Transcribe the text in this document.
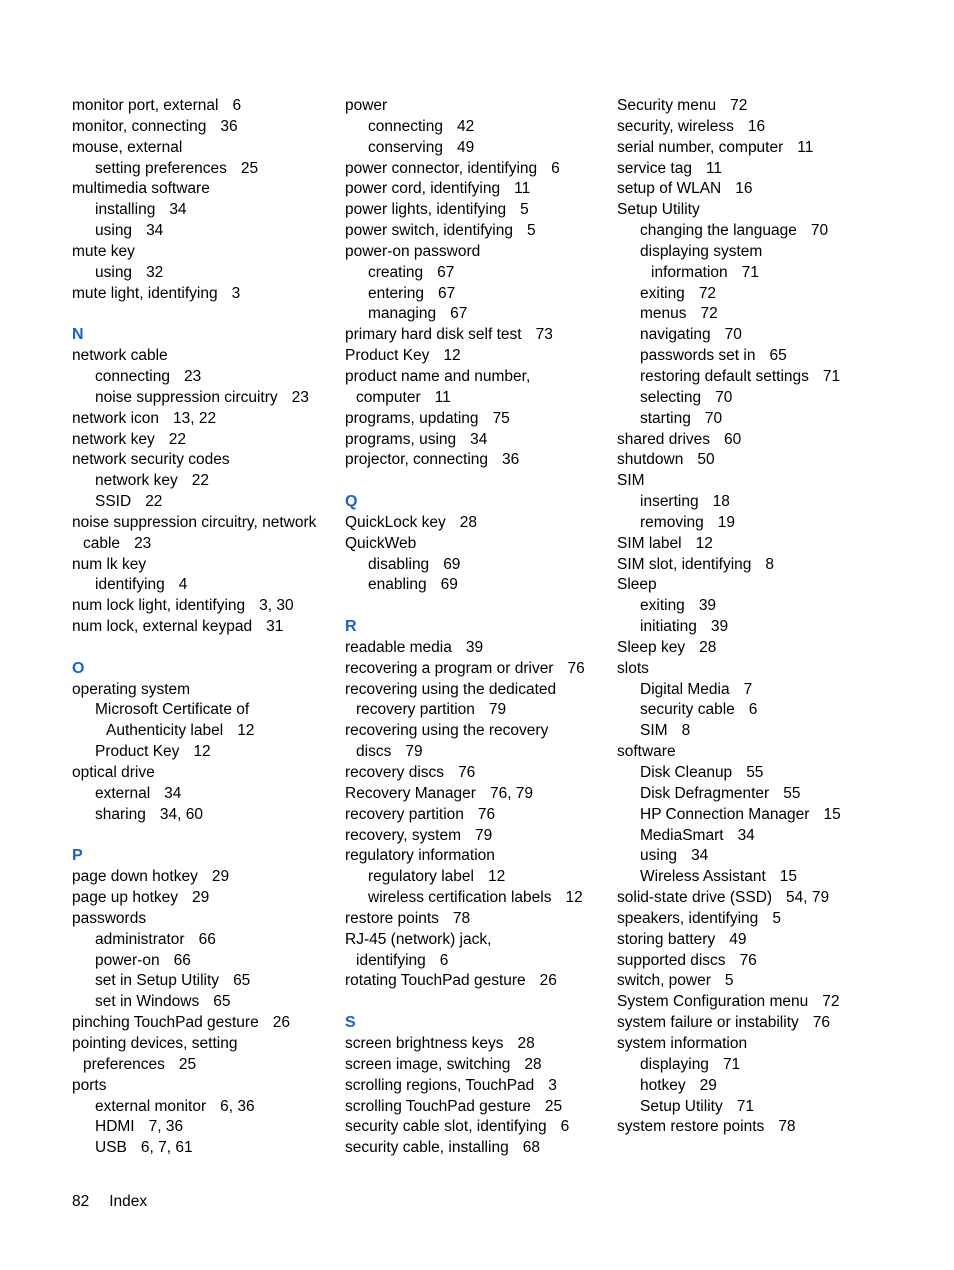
monitor port, external 6
monitor, connecting 36
mouse, external
setting preferences 25
multimedia software
installing 34
using 34
mute key
using 32
mute light, identifying 3
N
network cable
connecting 23
noise suppression circuitry 23
network icon 13, 22
network key 22
network security codes
network key 22
SSID 22
noise suppression circuitry, network
cable 23
num lk key
identifying 4
num lock light, identifying 3, 30
num lock, external keypad 31
O
operating system
Microsoft Certificate of
Authenticity label 12
Product Key 12
optical drive
external 34
sharing 34, 60
P
page down hotkey 29
page up hotkey 29
passwords
administrator 66
power-on 66
set in Setup Utility 65
set in Windows 65
pinching TouchPad gesture 26
pointing devices, setting
preferences 25
ports
external monitor 6, 36
HDMI 7, 36
USB 6, 7, 61
power
connecting 42
conserving 49
power connector, identifying 6
power cord, identifying 11
power lights, identifying 5
power switch, identifying 5
power-on password
creating 67
entering 67
managing 67
primary hard disk self test 73
Product Key 12
product name and number,
computer 11
programs, updating 75
programs, using 34
projector, connecting 36
Q
QuickLock key 28
QuickWeb
disabling 69
enabling 69
R
readable media 39
recovering a program or driver 76
recovering using the dedicated
recovery partition 79
recovering using the recovery
discs 79
recovery discs 76
Recovery Manager 76, 79
recovery partition 76
recovery, system 79
regulatory information
regulatory label 12
wireless certification labels 12
restore points 78
RJ-45 (network) jack,
identifying 6
rotating TouchPad gesture 26
S
screen brightness keys 28
screen image, switching 28
scrolling regions, TouchPad 3
scrolling TouchPad gesture 25
security cable slot, identifying 6
security cable, installing 68
Security menu 72
security, wireless 16
serial number, computer 11
service tag 11
setup of WLAN 16
Setup Utility
changing the language 70
displaying system
information 71
exiting 72
menus 72
navigating 70
passwords set in 65
restoring default settings 71
selecting 70
starting 70
shared drives 60
shutdown 50
SIM
inserting 18
removing 19
SIM label 12
SIM slot, identifying 8
Sleep
exiting 39
initiating 39
Sleep key 28
slots
Digital Media 7
security cable 6
SIM 8
software
Disk Cleanup 55
Disk Defragmenter 55
HP Connection Manager 15
MediaSmart 34
using 34
Wireless Assistant 15
solid-state drive (SSD) 54, 79
speakers, identifying 5
storing battery 49
supported discs 76
switch, power 5
System Configuration menu 72
system failure or instability 76
system information
displaying 71
hotkey 29
Setup Utility 71
system restore points 78
82 Index
